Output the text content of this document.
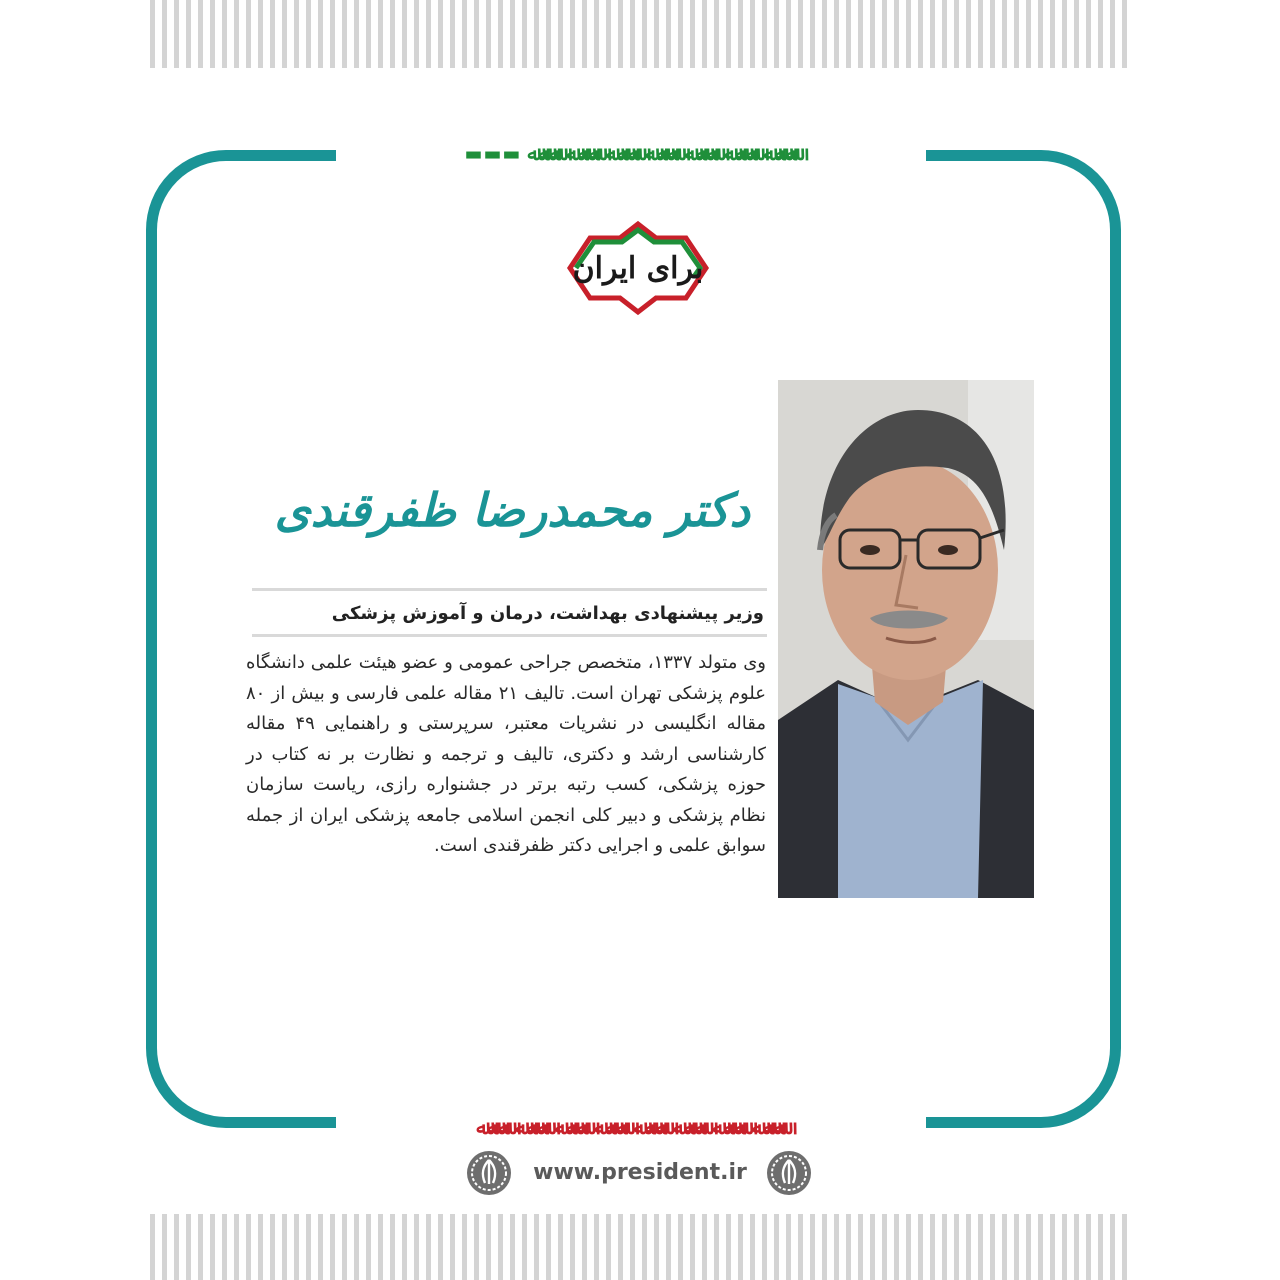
▬▬▬ ﷲﷲﷲ ﷲﷲﷲ ﷲﷲﷲ ﷲﷲﷲ ﷲﷲﷲ ﷲﷲﷲ ﷲﷲﷲ
برای ایران
دکتر محمدرضا ظفرقندی
وزیر پیشنهادی بهداشت، درمان و آموزش پزشکی
وی متولد ۱۳۳۷، متخصص جراحی عمومی و عضو هیئت علمی دانشگاه علوم پزشکی تهران است. تالیف ۲۱ مقاله علمی فارسی و بیش از ۸۰ مقاله انگلیسی در نشریات معتبر، سرپرستی و راهنمایی ۴۹ مقاله کارشناسی ارشد و دکتری، تالیف و ترجمه و نظارت بر نه کتاب در حوزه پزشکی، کسب رتبه برتر در جشنواره رازی، ریاست سازمان نظام پزشکی و دبیر کلی انجمن اسلامی جامعه پزشکی ایران از جمله سوابق علمی و اجرایی دکتر ظفرقندی است.
ﷲﷲﷲ ﷲﷲﷲ ﷲﷲﷲ ﷲﷲﷲ ﷲﷲﷲ ﷲﷲﷲ ﷲﷲﷲ ﷲﷲﷲ
www.president.ir
